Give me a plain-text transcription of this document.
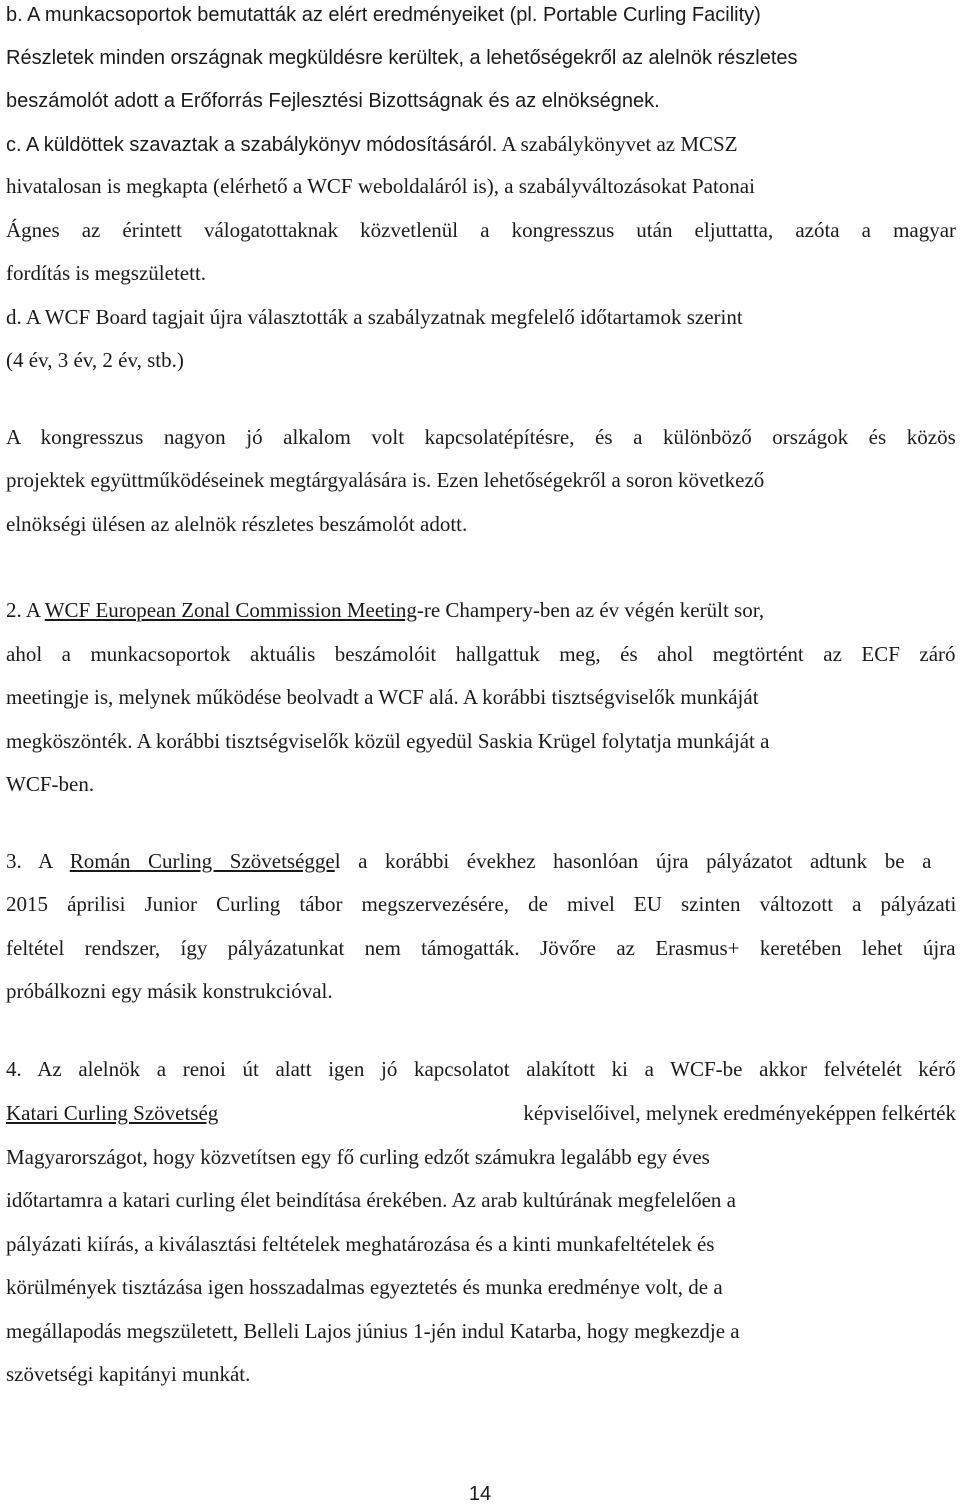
b. A munkacsoportok bemutatták az elért eredményeiket (pl. Portable Curling Facility)
Részletek minden országnak megküldésre kerültek, a lehetőségekről az alelnök részletes
beszámolót adott a Erőforrás Fejlesztési Bizottságnak és az elnökségnek.
c. A küldöttek szavaztak a szabálykönyv módosításáról. A szabálykönyvet az MCSZ
hivatalosan is megkapta (elérhető a WCF weboldaláról is), a szabályváltozásokat Patonai
Ágnes az érintett válogatottaknak közvetlenül a kongresszus után eljuttatta, azóta a magyar
fordítás is megszületett.
d. A WCF Board tagjait újra választották a szabályzatnak megfelelő időtartamok szerint
(4 év, 3 év, 2 év, stb.)
A kongresszus nagyon jó alkalom volt kapcsolatépítésre, és a különböző országok és közös
projektek együttműködéseinek megtárgyalására is. Ezen lehetőségekről a soron következő
elnökségi ülésen az alelnök részletes beszámolót adott.
2. A WCF European Zonal Commission Meeting-re Champery-ben az év végén került sor,
ahol a munkacsoportok aktuális beszámolóit hallgattuk meg, és ahol megtörtént az ECF záró
meetingje is, melynek működése beolvadt a WCF alá. A korábbi tisztségviselők munkáját
megköszönték. A korábbi tisztségviselők közül egyedül Saskia Krügel folytatja munkáját a
WCF-ben.
3. A Román Curling Szövetséggel a korábbi évekhez hasonlóan újra pályázatot adtunk be a
2015 áprilisi Junior Curling tábor megszervezésére, de mivel EU szinten változott a pályázati
feltétel rendszer, így pályázatunkat nem támogatták. Jövőre az Erasmus+ keretében lehet újra
próbálkozni egy másik konstrukcióval.
4. Az alelnök a renoi út alatt igen jó kapcsolatot alakított ki a WCF-be akkor felvételét kérő
Katari Curling Szövetség	képviselőivel, melynek eredményeképpen felkérték
Magyarországot, hogy közvetítsen egy fő curling edzőt számukra legalább egy éves
időtartamra a katari curling élet beindítása érekében. Az arab kultúrának megfelelően a
pályázati kiírás, a kiválasztási feltételek meghatározása és a kinti munkafeltételek és
körülmények tisztázása igen hosszadalmas egyeztetés és munka eredménye volt, de a
megállapodás megszületett, Belleli Lajos június 1-jén indul Katarba, hogy megkezdje a
szövetségi kapitányi munkát.
14
